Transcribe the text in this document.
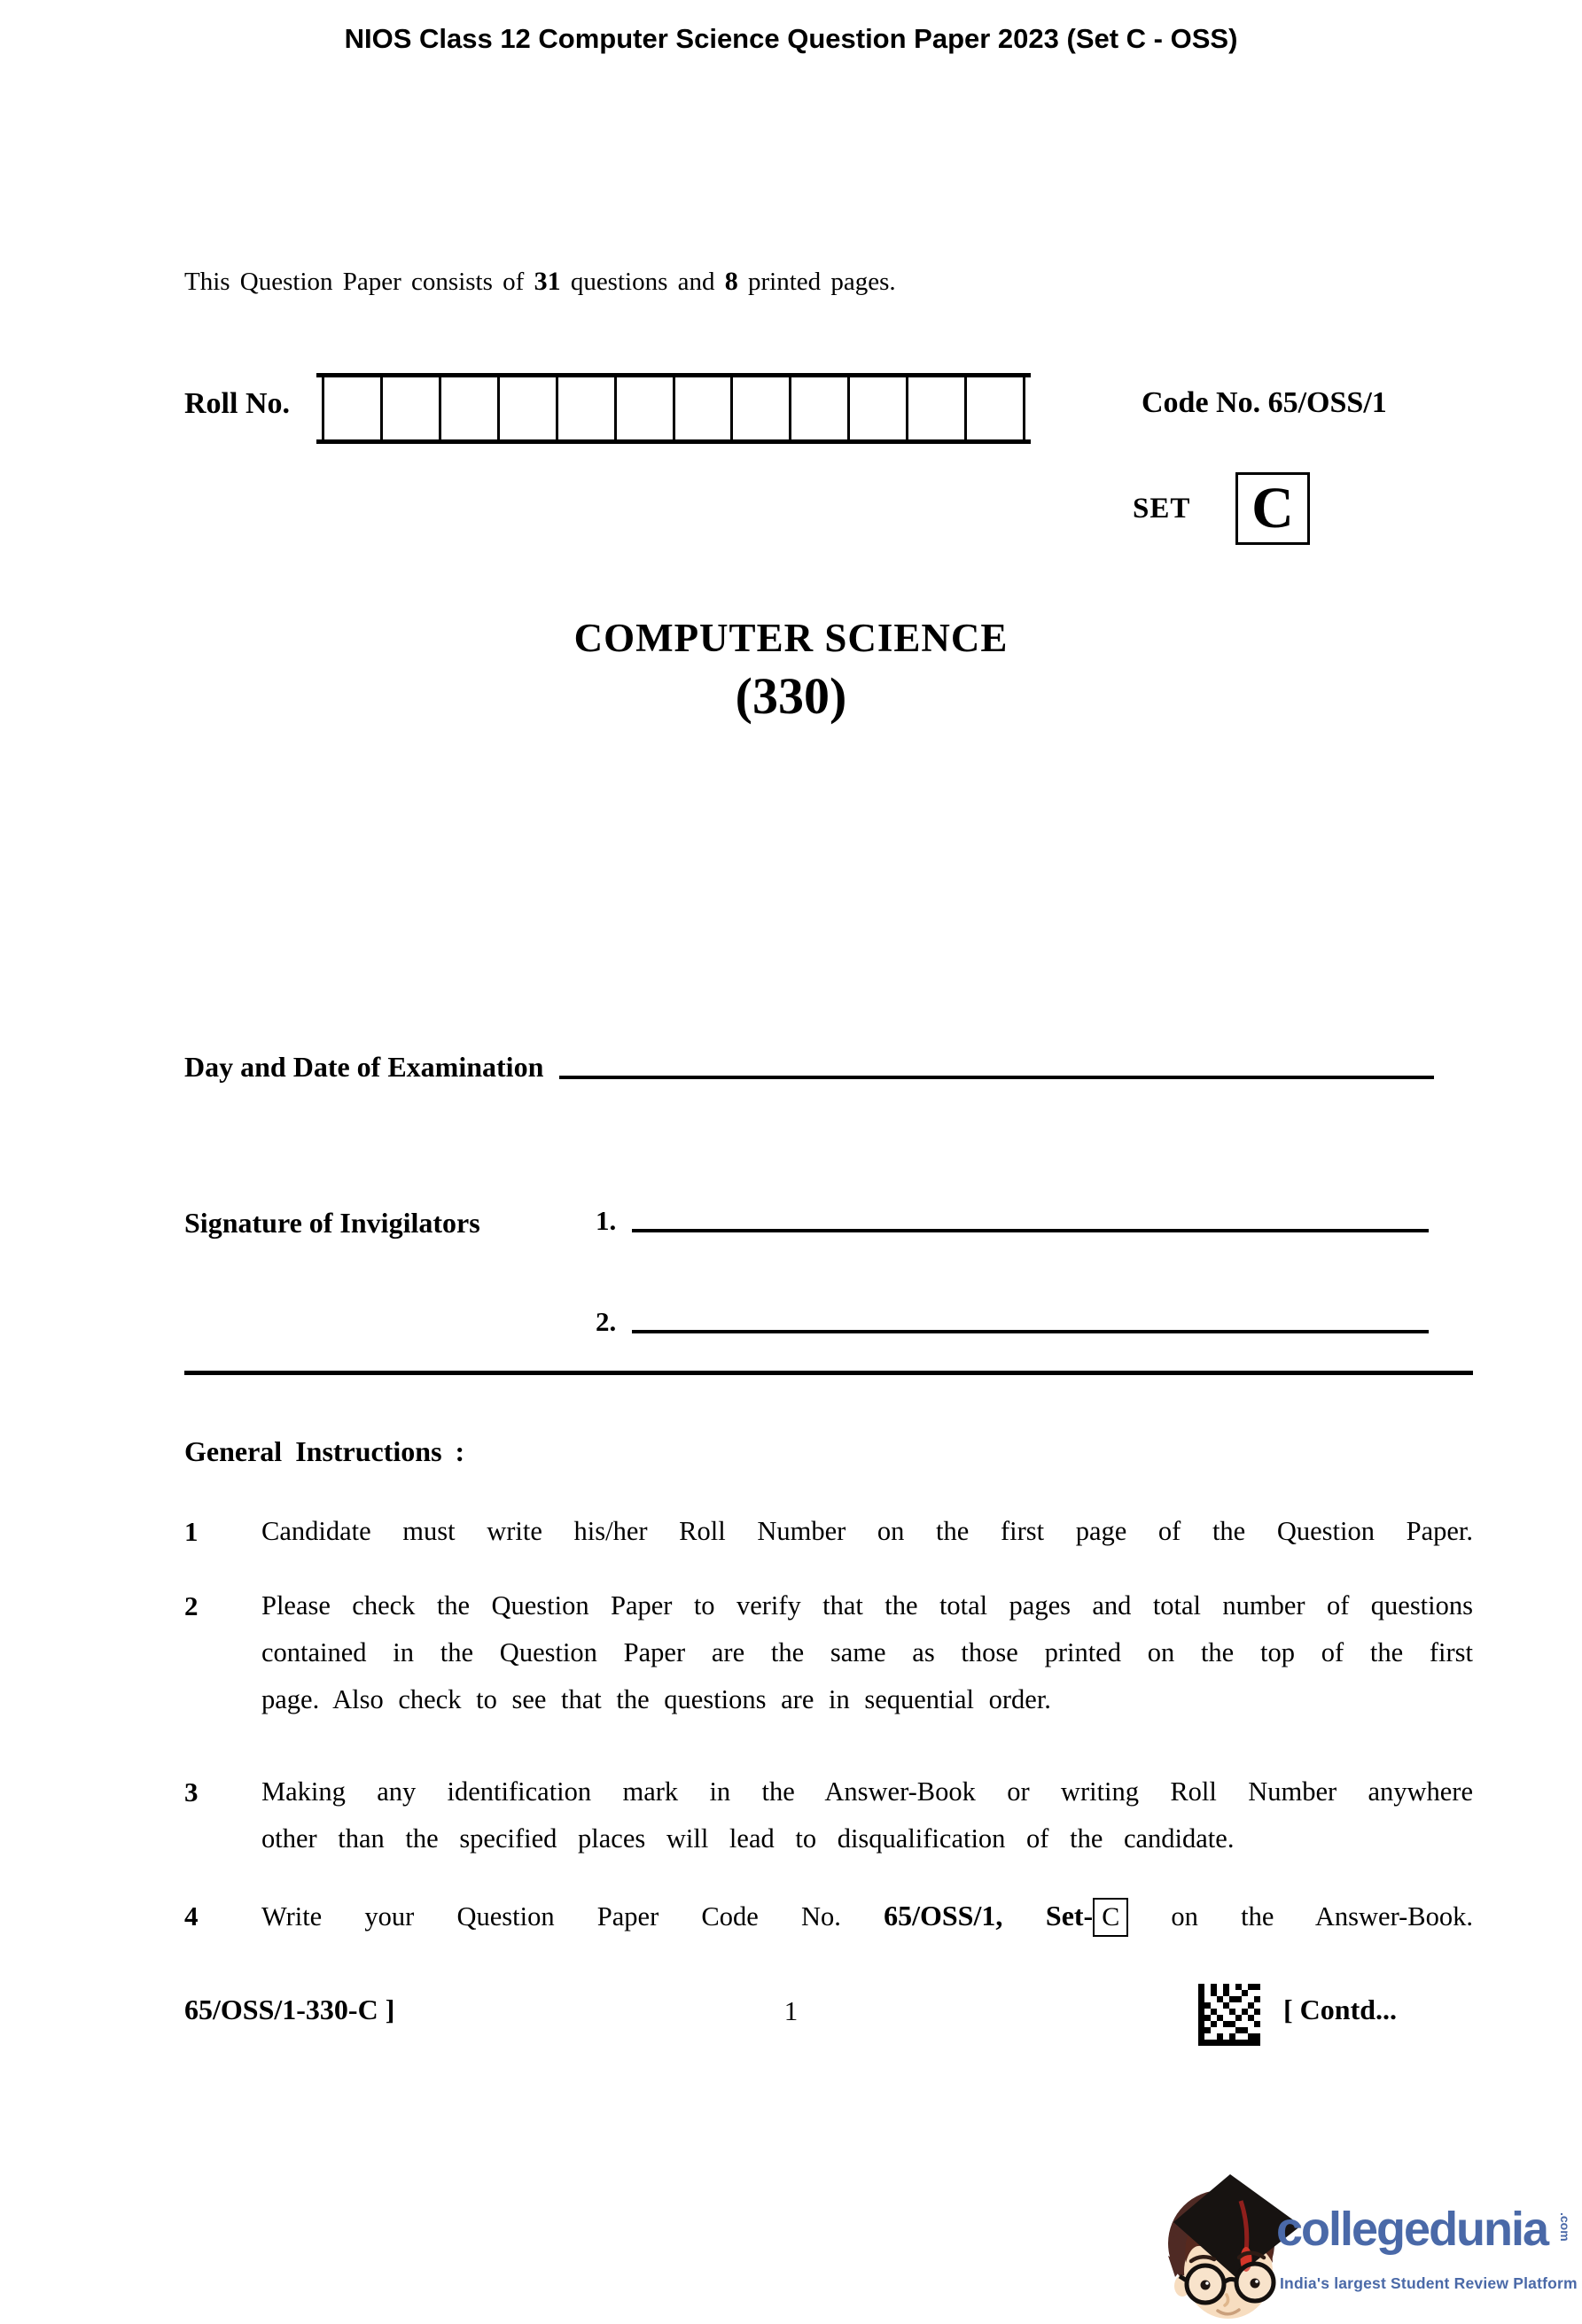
NIOS Class 12 Computer Science Question Paper 2023 (Set C - OSS)
This Question Paper consists of 31 questions and 8 printed pages.
Roll No.	Code No. 65/OSS/1
SET C
COMPUTER SCIENCE
(330)
Day and Date of Examination
Signature of Invigilators	1.
2.
General Instructions :
1	Candidate must write his/her Roll Number on the first page of the Question Paper.
2	Please check the Question Paper to verify that the total pages and total number of questions
contained in the Question Paper are the same as those printed on the top of the first
page. Also check to see that the questions are in sequential order.
3	Making any identification mark in the Answer-Book or writing Roll Number anywhere
other than the specified places will lead to disqualification of the candidate.
4	Write your Question Paper Code No. 65/OSS/1, Set- C on the Answer-Book.
65/OSS/1-330-C ]	1	[ Contd...
collegedunia .com
India's largest Student Review Platform
